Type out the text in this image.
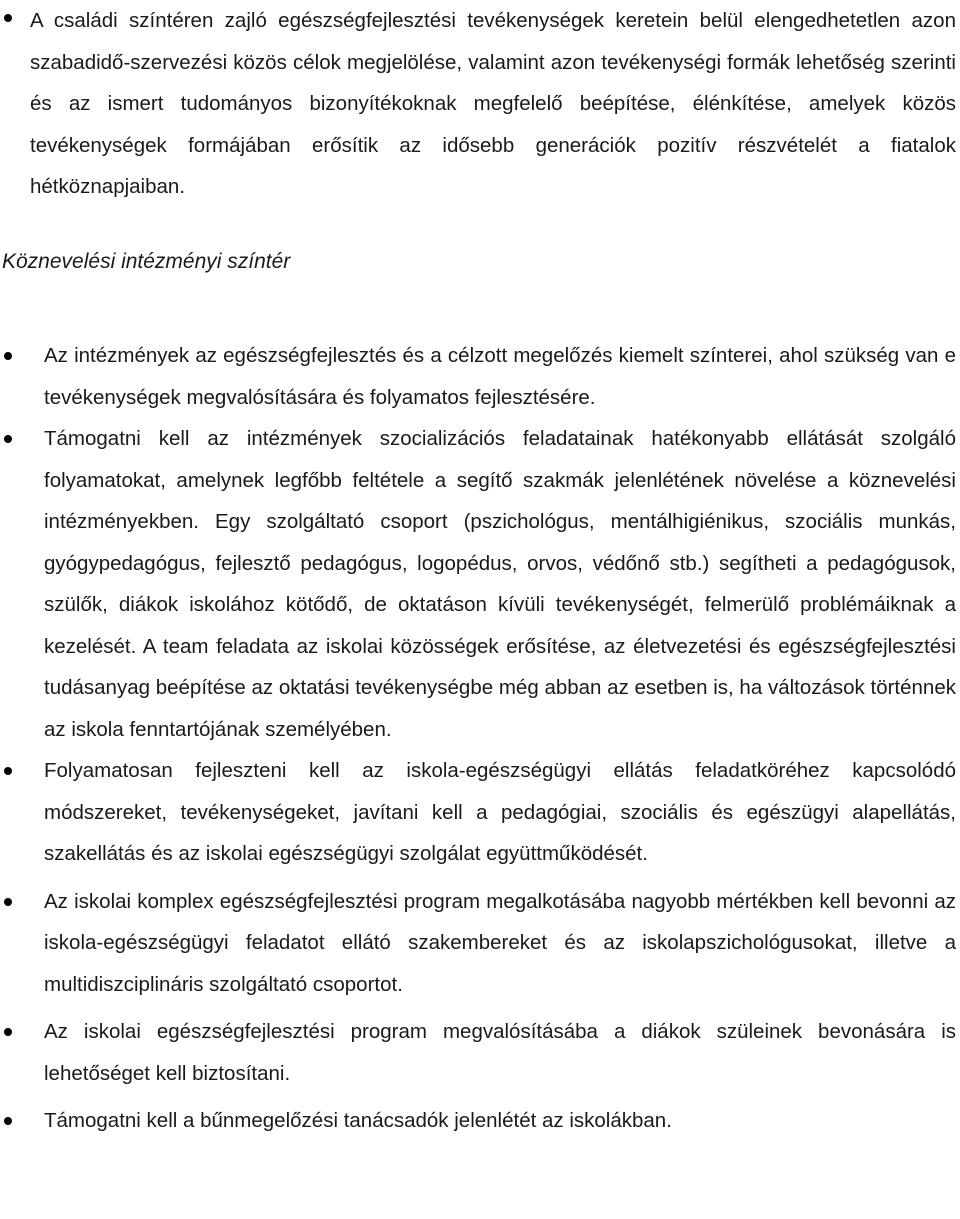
A családi színtéren zajló egészségfejlesztési tevékenységek keretein belül elengedhetetlen azon szabadidő-szervezési közös célok megjelölése, valamint azon tevékenységi formák lehetőség szerinti és az ismert tudományos bizonyítékoknak megfelelő beépítése, élénkítése, amelyek közös tevékenységek formájában erősítik az idősebb generációk pozitív részvételét a fiatalok hétköznapjaiban.

Köznevelési intézményi színtér

Az intézmények az egészségfejlesztés és a célzott megelőzés kiemelt színterei, ahol szükség van e tevékenységek megvalósítására és folyamatos fejlesztésére.

Támogatni kell az intézmények szocializációs feladatainak hatékonyabb ellátását szolgáló folyamatokat, amelynek legfőbb feltétele a segítő szakmák jelenlétének növelése a köznevelési intézményekben. Egy szolgáltató csoport (pszichológus, mentálhigiénikus, szociális munkás, gyógypedagógus, fejlesztő pedagógus, logopédus, orvos, védőnő stb.) segítheti a pedagógusok, szülők, diákok iskolához kötődő, de oktatáson kívüli tevékenységét, felmerülő problémáiknak a kezelését. A team feladata az iskolai közösségek erősítése, az életvezetési és egészségfejlesztési tudásanyag beépítése az oktatási tevékenységbe még abban az esetben is, ha változások történnek az iskola fenntartójának személyében.

Folyamatosan fejleszteni kell az iskola-egészségügyi ellátás feladatköréhez kapcsolódó módszereket, tevékenységeket, javítani kell a pedagógiai, szociális és egészügyi alapellátás, szakellátás és az iskolai egészségügyi szolgálat együttműködését.

Az iskolai komplex egészségfejlesztési program megalkotásába nagyobb mértékben kell bevonni az iskola-egészségügyi feladatot ellátó szakembereket és az iskolapszichológusokat, illetve a multidiszciplináris szolgáltató csoportot.

Az iskolai egészségfejlesztési program megvalósításába a diákok szüleinek bevonására is lehetőséget kell biztosítani.

Támogatni kell a bűnmegelőzési tanácsadók jelenlétét az iskolákban.
